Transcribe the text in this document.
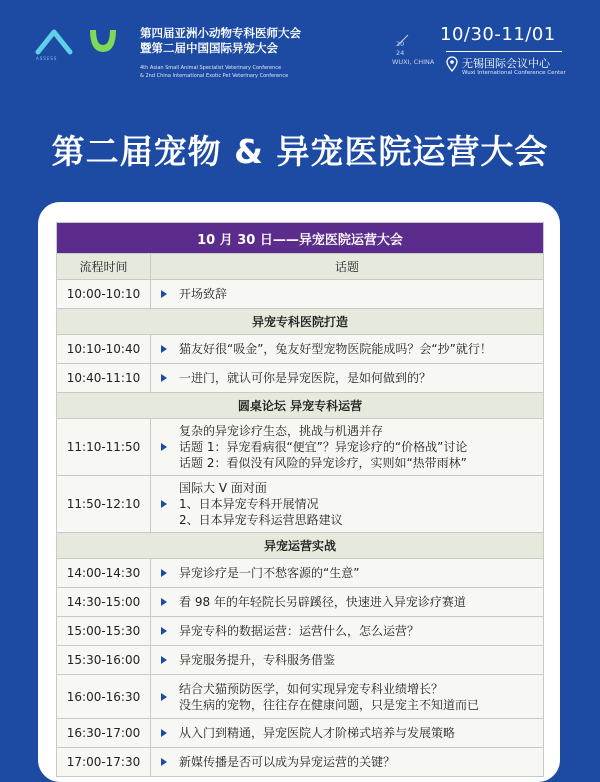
ASSESS
第四届亚洲小动物专科医师大会
暨第二届中国国际异宠大会
4th Asian Small Animal Specialist Veterinary Conference
& 2nd China International Exotic Pet Veterinary Conference
20
24
WUXI, CHINA
10/30-11/01
无锡国际会议中心
Wuxi International Conference Center
第二届宠物 & 异宠医院运营大会
10 月 30 日——异宠医院运营大会	
流程时间	话题
10:00-10:10	开场致辞

异宠专科医院打造	
10:10-10:40	猫友好很“吸金”，兔友好型宠物医院能成吗？会“抄”就行！

10:40-11:10	一进门，就认可你是异宠医院，是如何做到的？

圆桌论坛 异宠专科运营	
11:10-11:50	复杂的异宠诊疗生态，挑战与机遇并存
话题 1：异宠看病很“便宜”？异宠诊疗的“价格战”讨论
话题 2：看似没有风险的异宠诊疗，实则如“热带雨林”

11:50-12:10	国际大 V 面对面
1、日本异宠专科开展情况
2、日本异宠专科运营思路建议

异宠运营实战	
14:00-14:30	异宠诊疗是一门不愁客源的“生意”

14:30-15:00	看 98 年的年轻院长另辟蹊径，快速进入异宠诊疗赛道

15:00-15:30	异宠专科的数据运营：运营什么，怎么运营？

15:30-16:00	异宠服务提升，专科服务借鉴

16:00-16:30	结合犬猫预防医学，如何实现异宠专科业绩增长？
没生病的宠物，往往存在健康问题，只是宠主不知道而已

16:30-17:00	从入门到精通，异宠医院人才阶梯式培养与发展策略

17:00-17:30	新媒传播是否可以成为异宠运营的关键？
